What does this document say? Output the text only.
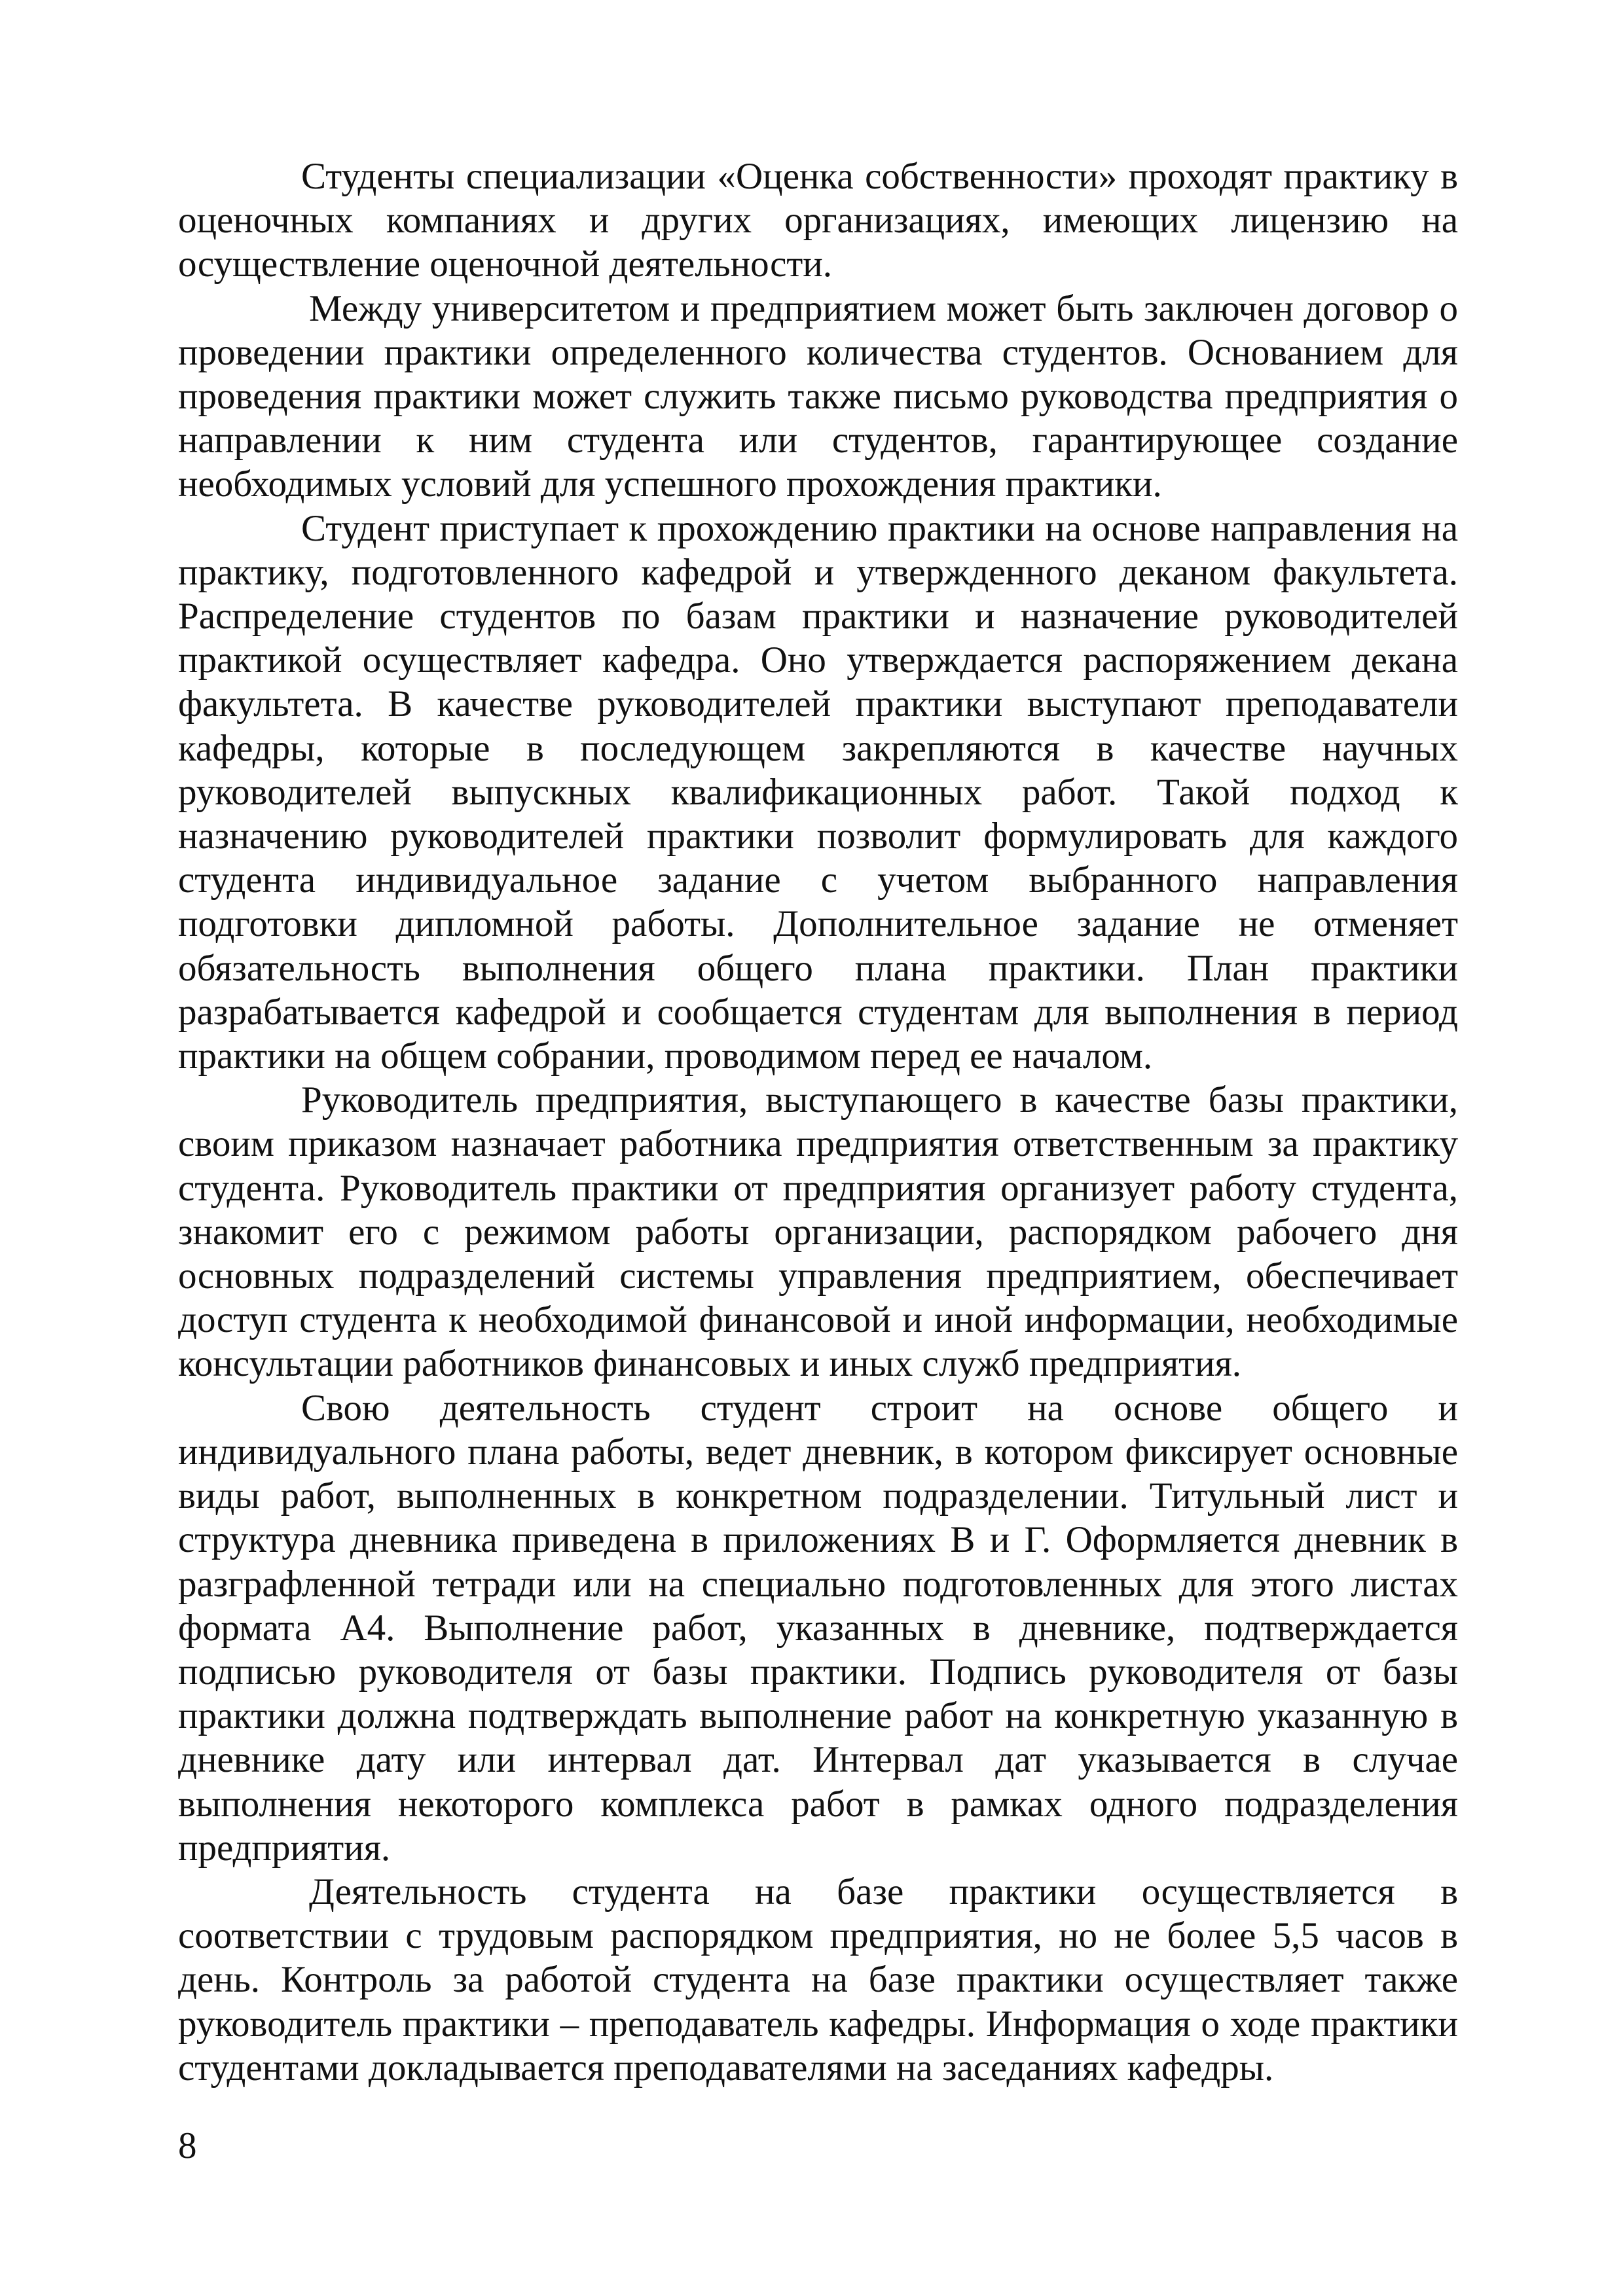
Студенты специализации «Оценка собственности» проходят практику в оценочных компаниях и других организациях, имеющих лицензию на осуществление оценочной деятельности.

Между университетом и предприятием может быть заключен договор о проведении практики определенного количества студентов. Основанием для проведения практики может служить также письмо руководства предприятия о направлении к ним студента или студентов, гарантирующее создание необходимых условий для успешного прохождения практики.

Студент приступает к прохождению практики на основе направления на практику, подготовленного кафедрой и утвержденного деканом факультета. Распределение студентов по базам практики и назначение руководителей практикой осуществляет кафедра. Оно утверждается распоряжением декана факультета. В качестве руководителей практики выступают преподаватели кафедры, которые в последующем закрепляются в качестве научных руководителей выпускных квалификационных работ. Такой подход к назначению руководителей практики позволит формулировать для каждого студента индивидуальное задание с учетом выбранного направления подготовки дипломной работы. Дополнительное задание не отменяет обязательность выполнения общего плана практики. План практики разрабатывается кафедрой и сообщается студентам для выполнения в период практики на общем собрании, проводимом перед ее началом.

Руководитель предприятия, выступающего в качестве базы практики, своим приказом назначает работника предприятия ответственным за практику студента. Руководитель практики от предприятия организует работу студента, знакомит его с режимом работы организации, распорядком рабочего дня основных подразделений системы управления предприятием, обеспечивает доступ студента к необходимой финансовой и иной информации, необходимые консультации работников финансовых и иных служб предприятия.

Свою деятельность студент строит на основе общего и индивидуального плана работы, ведет дневник, в котором фиксирует основные виды работ, выполненных в конкретном подразделении. Титульный лист и структура дневника приведена в приложениях В и Г. Оформляется дневник в разграфленной тетради или на специально подготовленных для этого листах формата А4. Выполнение работ, указанных в дневнике, подтверждается подписью руководителя от базы практики. Подпись руководителя от базы практики должна подтверждать выполнение работ на конкретную указанную в дневнике дату или интервал дат. Интервал дат указывается в случае выполнения некоторого комплекса работ в рамках одного подразделения предприятия.

Деятельность студента на базе практики осуществляется в соответствии с трудовым распорядком предприятия, но не более 5,5 часов в день. Контроль за работой студента на базе практики осуществляет также руководитель практики – преподаватель кафедры. Информация о ходе практики студентами докладывается преподавателями на заседаниях кафедры.

8
